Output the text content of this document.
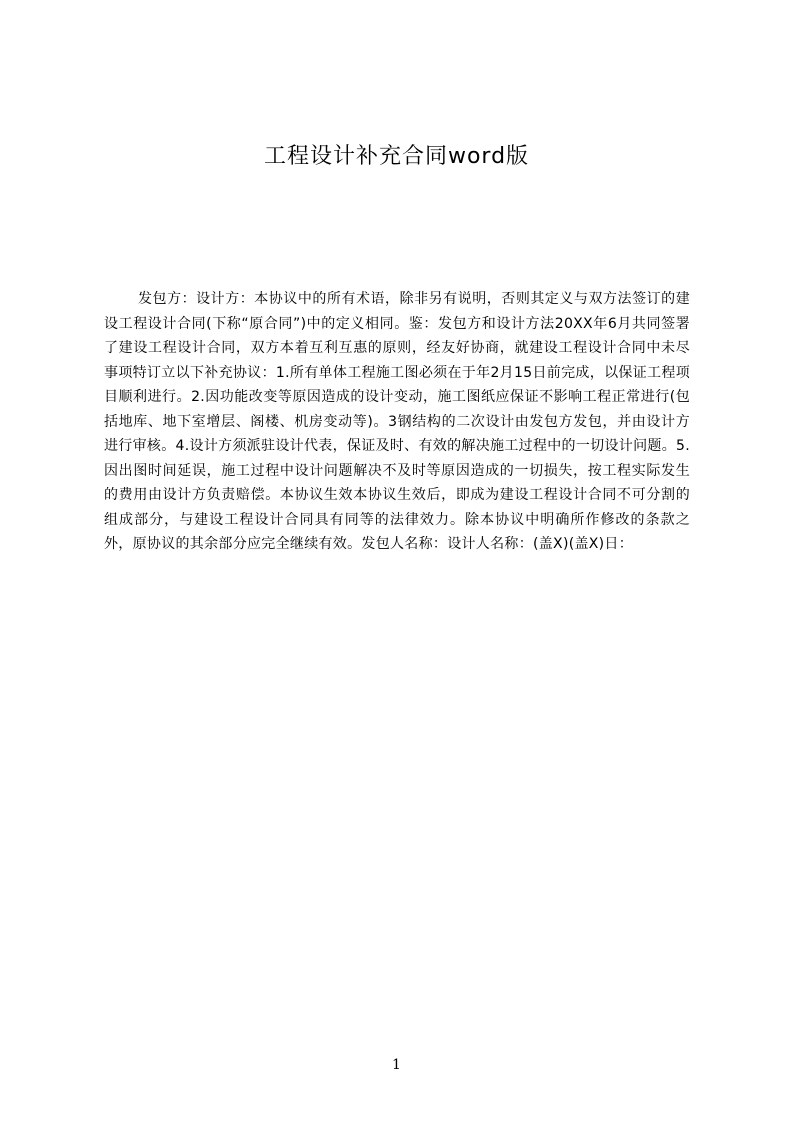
工程设计补充合同word版

发包方：设计方：本协议中的所有术语，除非另有说明，否则其定义与双方法签订的建设工程设计合同(下称“原合同”)中的定义相同。鉴：发包方和设计方法20XX年6月共同签署了建设工程设计合同，双方本着互利互惠的原则，经友好协商，就建设工程设计合同中未尽事项特订立以下补充协议：1.所有单体工程施工图必须在于年2月15日前完成，以保证工程项目顺利进行。2.因功能改变等原因造成的设计变动，施工图纸应保证不影响工程正常进行(包括地库、地下室增层、阁楼、机房变动等)。3钢结构的二次设计由发包方发包，并由设计方进行审核。4.设计方须派驻设计代表，保证及时、有效的解决施工过程中的一切设计问题。5.因出图时间延误，施工过程中设计问题解决不及时等原因造成的一切损失，按工程实际发生的费用由设计方负责赔偿。本协议生效本协议生效后，即成为建设工程设计合同不可分割的组成部分，与建设工程设计合同具有同等的法律效力。除本协议中明确所作修改的条款之外，原协议的其余部分应完全继续有效。发包人名称：设计人名称：(盖X)(盖X)日：

1
